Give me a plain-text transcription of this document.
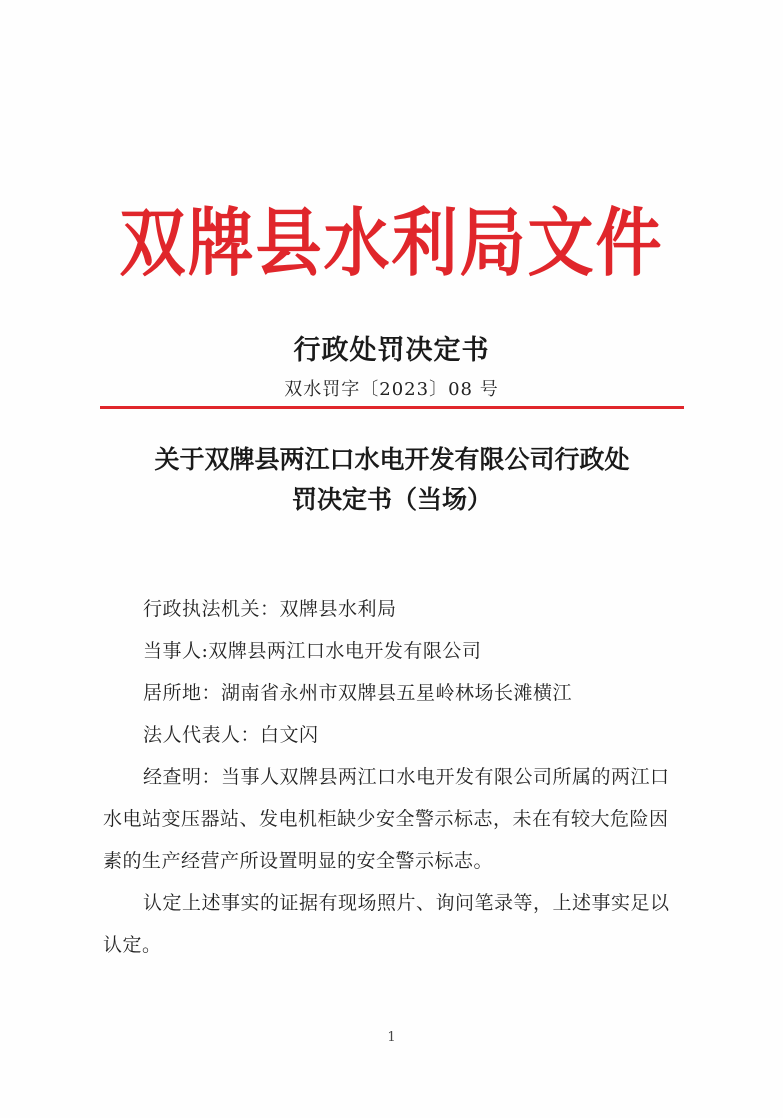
双牌县水利局文件
行政处罚决定书
双水罚字〔2023〕08 号
关于双牌县两江口水电开发有限公司行政处
罚决定书（当场）

行政执法机关：双牌县水利局

当事人:双牌县两江口水电开发有限公司

居所地：湖南省永州市双牌县五星岭林场长滩横江

法人代表人：白文闪

经查明：当事人双牌县两江口水电开发有限公司所属的两江口水电站变压器站、发电机柜缺少安全警示标志，未在有较大危险因素的生产经营产所设置明显的安全警示标志。

认定上述事实的证据有现场照片、询问笔录等，上述事实足以认定。

1
